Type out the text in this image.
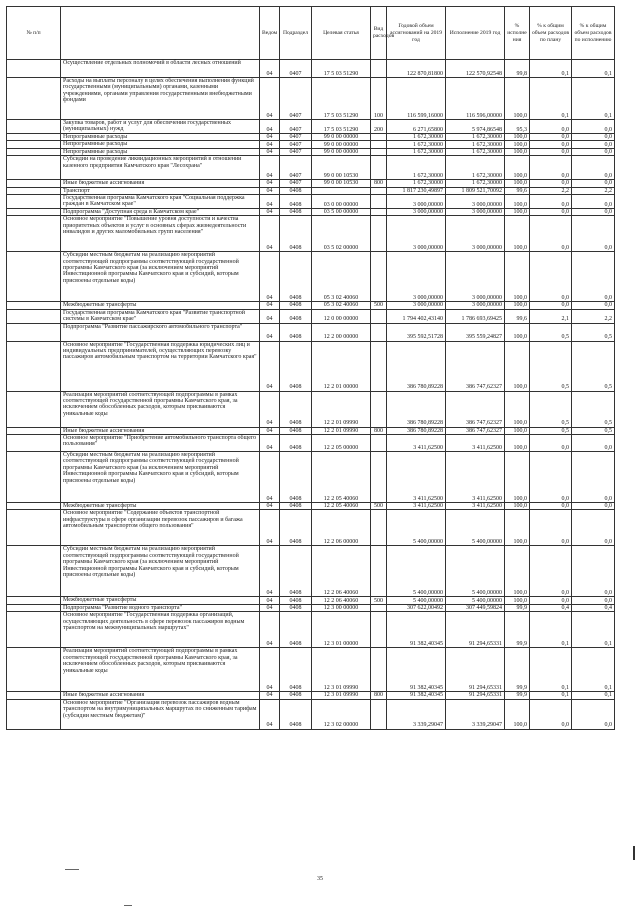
№ п/п		Ведом	Подраздел	Целевая статья	Вид расходов	Годовой объем ассигнований на 2019 год	Исполнение 2019 год	% исполне ния	% к общим объем расходов по плану	% к общим объем расходов по исполнению
	Осуществление отдельных полномочий в области лесных отношений	04	0407	17 5 03 51290		122 870,81800	122 570,92548	99,8	0,1	0,1
	Расходы на выплаты персоналу в целях обеспечения выполнения функций государственными (муниципальными) органами, казенными учреждениями, органами управления государственными внебюджетными фондами	04	0407	17 5 03 51290	100	116 599,16000	116 596,00000	100,0	0,1	0,1
	Закупка товаров, работ и услуг для обеспечения государственных (муниципальных) нужд	04	0407	17 5 03 51290	200	6 271,65800	5 974,86548	95,3	0,0	0,0
	Непрограммные расходы	04	0407	99 0 00 00000		1 672,30000	1 672,30000	100,0	0,0	0,0
	Непрограммные расходы	04	0407	99 0 00 00000		1 672,30000	1 672,30000	100,0	0,0	0,0
	Непрограммные расходы	04	0407	99 0 00 00000		1 672,30000	1 672,30000	100,0	0,0	0,0
	Субсидии на проведение ликвидационных мероприятий в отношении казенного предприятия Камчатского края "Лесохрана"	04	0407	99 0 00 10530		1 672,30000	1 672,30000	100,0	0,0	0,0
	Иные бюджетные ассигнования	04	0407	99 0 00 10530	800	1 672,30000	1 672,30000	100,0	0,0	0,0
	Транспорт	04	0408			1 817 230,49897	1 809 521,70092	99,6	2,2	2,2
	Государственная программа Камчатского края "Социальная поддержка граждан в Камчатском крае"	04	0408	03 0 00 00000		3 000,00000	3 000,00000	100,0	0,0	0,0
	Подпрограмма "Доступная среда в Камчатском крае"	04	0408	03 5 00 00000		3 000,00000	3 000,00000	100,0	0,0	0,0
	Основное мероприятие "Повышение уровня доступности и качества приоритетных объектов и услуг в основных сферах жизнедеятельности инвалидов и других маломобильных групп населения"	04	0408	03 5 02 00000		3 000,00000	3 000,00000	100,0	0,0	0,0
	Субсидии местным бюджетам на реализацию мероприятий соответствующей подпрограммы соответствующей государственной программы Камчатского края (за исключением мероприятий Инвестиционной программы Камчатского края и субсидий, которым присвоены отдельные коды)	04	0408	05 3 02 40060		3 000,00000	3 000,00000	100,0	0,0	0,0
	Межбюджетные трансферты	04	0408	05 3 02 40060	500	3 000,00000	3 000,00000	100,0	0,0	0,0
	Государственная программа Камчатского края "Развитие транспортной системы в Камчатском крае"	04	0408	12 0 00 00000		1 794 402,43140	1 786 693,69425	99,6	2,1	2,2
	Подпрограмма "Развитие пассажирского автомобильного транспорта"	04	0408	12 2 00 00000		395 592,51728	395 559,24827	100,0	0,5	0,5
	Основное мероприятие "Государственная поддержка юридических лиц и индивидуальных предпринимателей, осуществляющих перевозку пассажиров автомобильным транспортом на территории Камчатского края"	04	0408	12 2 01 00000		386 780,89228	386 747,62327	100,0	0,5	0,5
	Реализация мероприятий соответствующей подпрограммы в рамках соответствующей государственной программы Камчатского края, за исключением обособленных расходов, которым присваиваются уникальные коды	04	0408	12 2 01 09990		386 780,89228	386 747,62327	100,0	0,5	0,5
	Иные бюджетные ассигнования	04	0408	12 2 01 09990	800	386 780,89228	386 747,62327	100,0	0,5	0,5
	Основное мероприятие "Приобретение автомобильного транспорта общего пользования"	04	0408	12 2 05 00000		3 411,62500	3 411,62500	100,0	0,0	0,0
	Субсидии местным бюджетам на реализацию мероприятий соответствующей подпрограммы соответствующей государственной программы Камчатского края (за исключением мероприятий Инвестиционной программы Камчатского края и субсидий, которым присвоены отдельные коды)	04	0408	12 2 05 40060		3 411,62500	3 411,62500	100,0	0,0	0,0
	Межбюджетные трансферты	04	0408	12 2 05 40060	500	3 411,62500	3 411,62500	100,0	0,0	0,0
	Основное мероприятие "Содержание объектов транспортной инфраструктуры в сфере организации перевозок пассажиров и багажа автомобильным транспортом общего пользования"	04	0408	12 2 06 00000		5 400,00000	5 400,00000	100,0	0,0	0,0
	Субсидии местным бюджетам на реализацию мероприятий соответствующей подпрограммы соответствующей государственной программы Камчатского края (за исключением мероприятий Инвестиционной программы Камчатского края и субсидий, которым присвоены отдельные коды)	04	0408	12 2 06 40060		5 400,00000	5 400,00000	100,0	0,0	0,0
	Межбюджетные трансферты	04	0408	12 2 06 40060	500	5 400,00000	5 400,00000	100,0	0,0	0,0
	Подпрограмма "Развитие водного транспорта"	04	0408	12 3 00 00000		307 622,00492	307 449,59824	99,9	0,4	0,4
	Основное мероприятие "Государственная поддержка организаций, осуществляющих деятельность в сфере перевозок пассажиров водным транспортом на межмуниципальных маршрутах"	04	0408	12 3 01 00000		91 382,40345	91 294,65331	99,9	0,1	0,1
	Реализация мероприятий соответствующей подпрограммы в рамках соответствующей государственной программы Камчатского края, за исключением обособленных расходов, которым присваиваются уникальные коды	04	0408	12 3 01 09990		91 382,40345	91 294,65331	99,9	0,1	0,1
	Иные бюджетные ассигнования	04	0408	12 3 01 09990	800	91 382,40345	91 294,65331	99,9	0,1	0,1
	Основное мероприятие "Организация перевозок пассажиров водным транспортом на внутримуниципальных маршрутах по сниженным тарифам (субсидии местным бюджетам)"	04	0408	12 3 02 00000		3 339,29047	3 339,29047	100,0	0,0	0,0
35
